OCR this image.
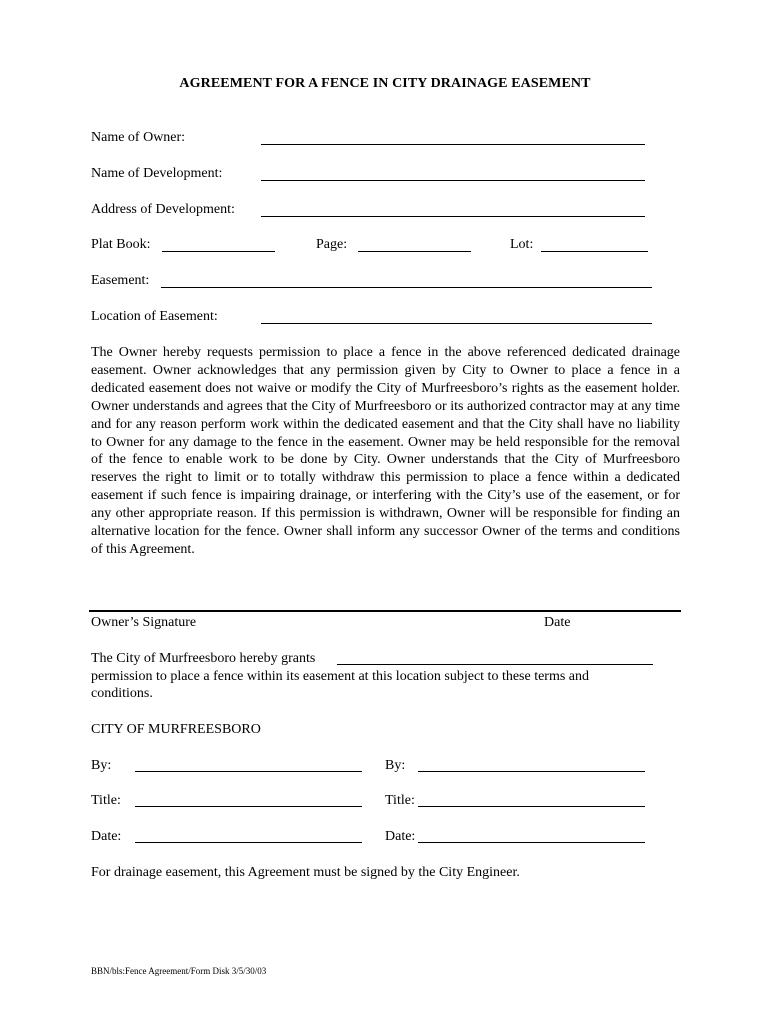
AGREEMENT FOR A FENCE IN CITY DRAINAGE EASEMENT
Name of Owner:
Name of Development:
Address of Development:
Plat Book:	Page:	Lot:
Easement:
Location of Easement:
The Owner hereby requests permission to place a fence in the above referenced dedicated drainage easement. Owner acknowledges that any permission given by City to Owner to place a fence in a dedicated easement does not waive or modify the City of Murfreesboro’s rights as the easement holder. Owner understands and agrees that the City of Murfreesboro or its authorized contractor may at any time and for any reason perform work within the dedicated easement and that the City shall have no liability to Owner for any damage to the fence in the easement. Owner may be held responsible for the removal of the fence to enable work to be done by City. Owner understands that the City of Murfreesboro reserves the right to limit or to totally withdraw this permission to place a fence within a dedicated easement if such fence is impairing drainage, or interfering with the City’s use of the easement, or for any other appropriate reason. If this permission is withdrawn, Owner will be responsible for finding an alternative location for the fence. Owner shall inform any successor Owner of the terms and conditions of this Agreement.
Owner’s Signature	Date
The City of Murfreesboro hereby grants
permission to place a fence within its easement at this location subject to these terms and conditions.
CITY OF MURFREESBORO
By:	By:
Title:	Title:
Date:	Date:
For drainage easement, this Agreement must be signed by the City Engineer.
BBN/bls:Fence Agreement/Form Disk 3/5/30/03
